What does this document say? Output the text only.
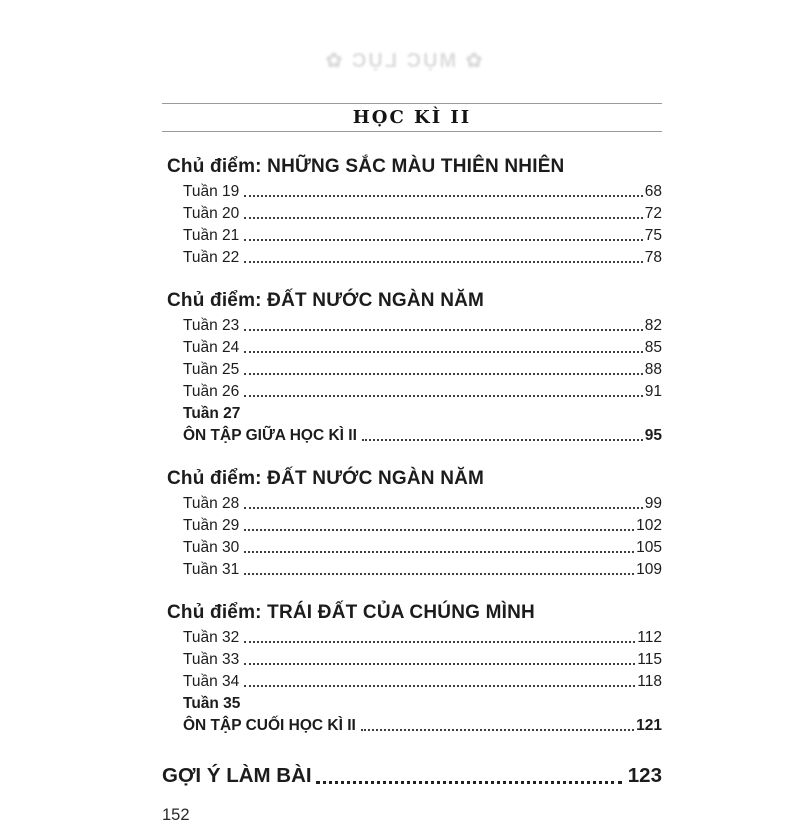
✿ MỤC LỤC ✿
HỌC KÌ II
Chủ điểm: NHỮNG SẮC MÀU THIÊN NHIÊN
Tuần 19	68
Tuần 20	72
Tuần 21	75
Tuần 22	78
Chủ điểm: ĐẤT NƯỚC NGÀN NĂM
Tuần 23	82
Tuần 24	85
Tuần 25	88
Tuần 26	91
Tuần 27
ÔN TẬP GIỮA HỌC KÌ II	95
Chủ điểm: ĐẤT NƯỚC NGÀN NĂM
Tuần 28	99
Tuần 29	102
Tuần 30	105
Tuần 31	109
Chủ điểm: TRÁI ĐẤT CỦA CHÚNG MÌNH
Tuần 32	112
Tuần 33	115
Tuần 34	118
Tuần 35
ÔN TẬP CUỐI HỌC KÌ II	121
GỢI Ý LÀM BÀI	123
152
